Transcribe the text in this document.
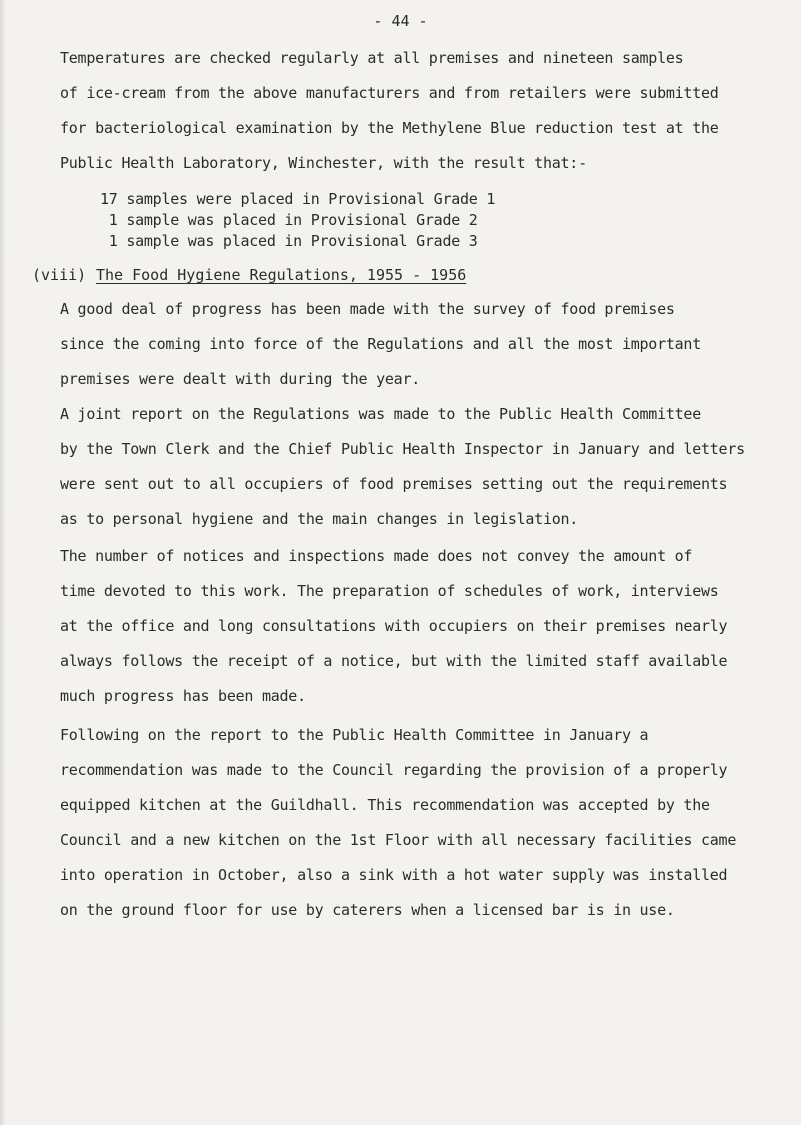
- 44 -
Temperatures are checked regularly at all premises and nineteen samples
of ice-cream from the above manufacturers and from retailers were submitted
for bacteriological examination by the Methylene Blue reduction test at the
Public Health Laboratory, Winchester, with the result that:-
17 samples were placed in Provisional Grade 1
1 sample was placed in Provisional Grade 2
1 sample was placed in Provisional Grade 3
(viii) The Food Hygiene Regulations, 1955 - 1956
A good deal of progress has been made with the survey of food premises
since the coming into force of the Regulations and all the most important
premises were dealt with during the year.
A joint report on the Regulations was made to the Public Health Committee
by the Town Clerk and the Chief Public Health Inspector in January and letters
were sent out to all occupiers of food premises setting out the requirements
as to personal hygiene and the main changes in legislation.
The number of notices and inspections made does not convey the amount of
time devoted to this work. The preparation of schedules of work, interviews
at the office and long consultations with occupiers on their premises nearly
always follows the receipt of a notice, but with the limited staff available
much progress has been made.
Following on the report to the Public Health Committee in January a
recommendation was made to the Council regarding the provision of a properly
equipped kitchen at the Guildhall. This recommendation was accepted by the
Council and a new kitchen on the 1st Floor with all necessary facilities came
into operation in October, also a sink with a hot water supply was installed
on the ground floor for use by caterers when a licensed bar is in use.
